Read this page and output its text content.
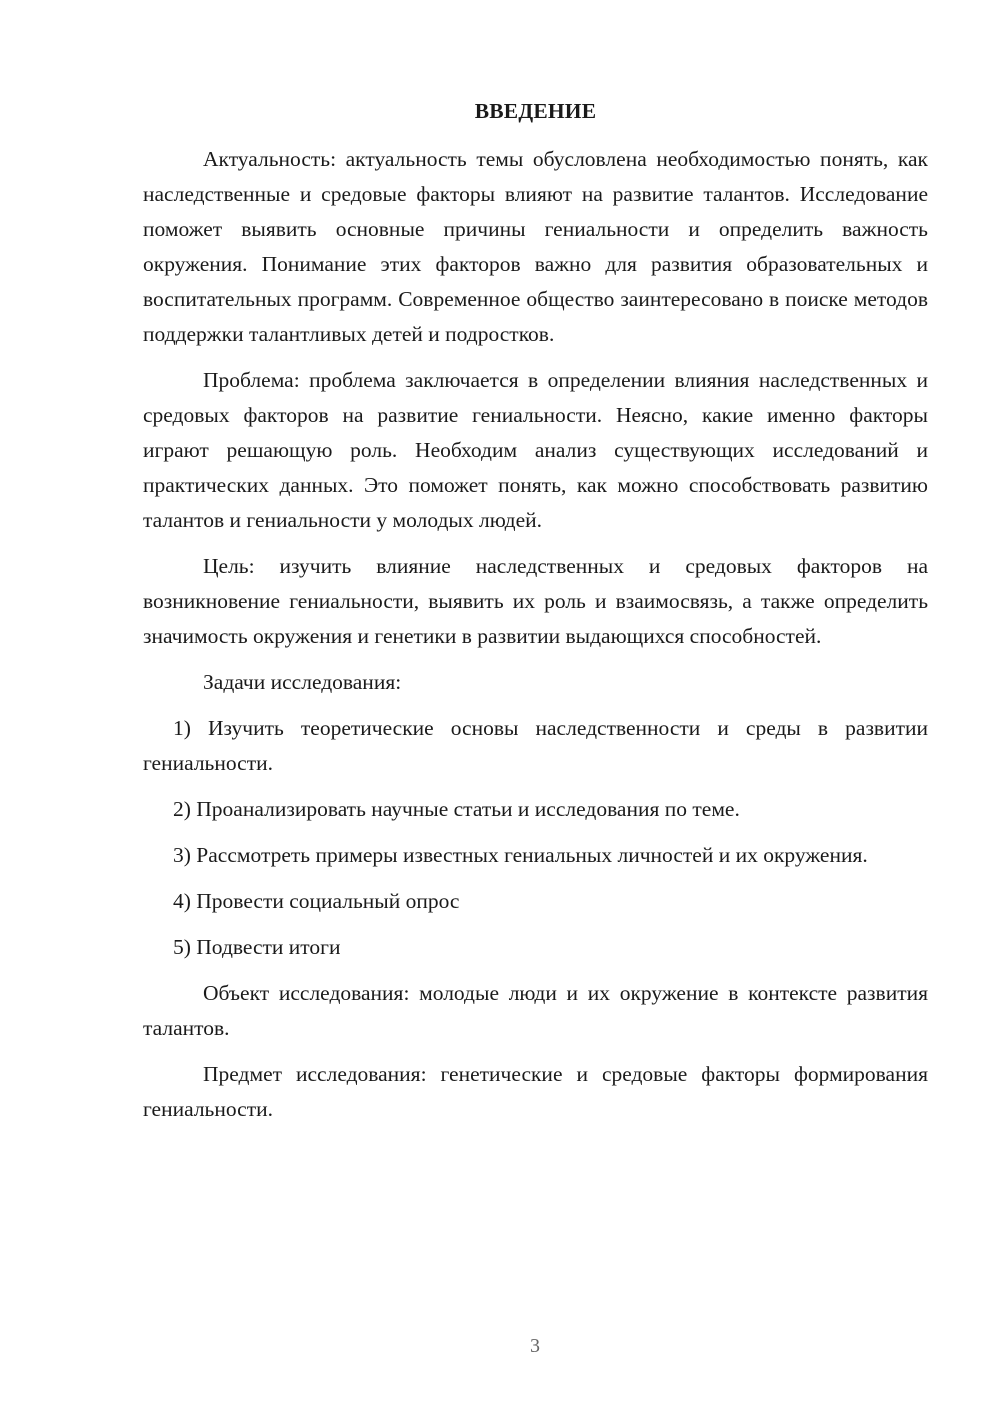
ВВЕДЕНИЕ

Актуальность: актуальность темы обусловлена необходимостью понять, как наследственные и средовые факторы влияют на развитие талантов. Исследование поможет выявить основные причины гениальности и определить важность окружения. Понимание этих факторов важно для развития образовательных и воспитательных программ. Современное общество заинтересовано в поиске методов поддержки талантливых детей и подростков.

Проблема: проблема заключается в определении влияния наследственных и средовых факторов на развитие гениальности. Неясно, какие именно факторы играют решающую роль. Необходим анализ существующих исследований и практических данных. Это поможет понять, как можно способствовать развитию талантов и гениальности у молодых людей.

Цель: изучить влияние наследственных и средовых факторов на возникновение гениальности, выявить их роль и взаимосвязь, а также определить значимость окружения и генетики в развитии выдающихся способностей.

Задачи исследования:

1) Изучить теоретические основы наследственности и среды в развитии гениальности.

2) Проанализировать научные статьи и исследования по теме.

3) Рассмотреть примеры известных гениальных личностей и их окружения.

4) Провести социальный опрос

5) Подвести итоги

Объект исследования: молодые люди и их окружение в контексте развития талантов.

Предмет исследования: генетические и средовые факторы формирования гениальности.

3
